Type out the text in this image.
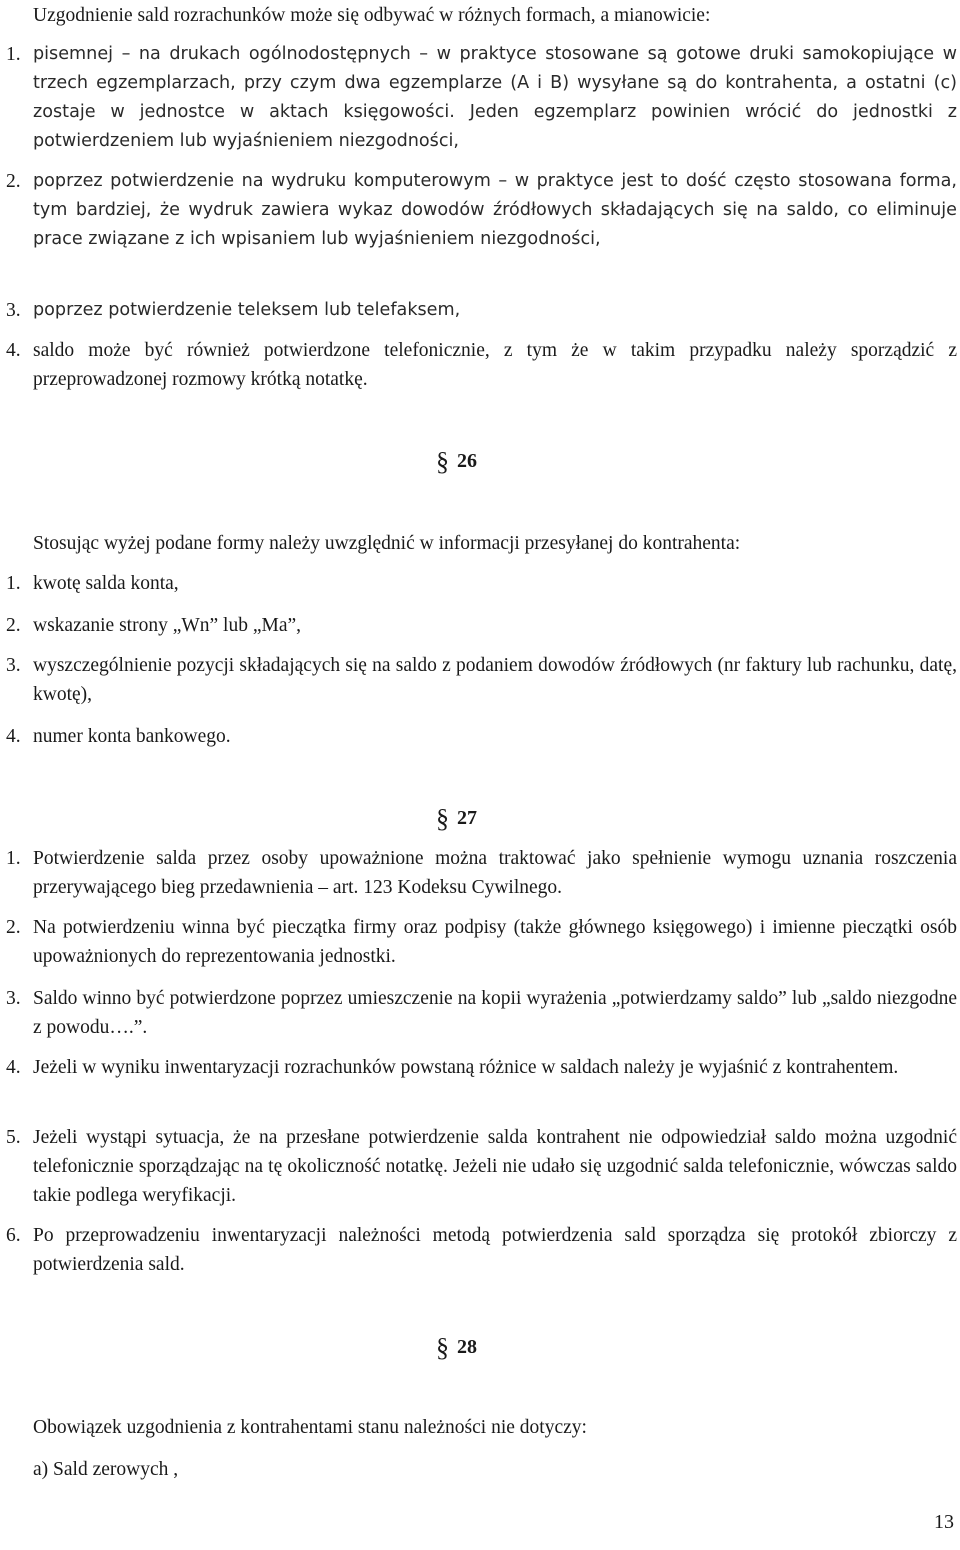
Uzgodnienie sald rozrachunków może się odbywać w różnych formach, a mianowicie:

1. pisemnej – na drukach ogólnodostępnych – w praktyce stosowane są gotowe druki samokopiujące w trzech egzemplarzach, przy czym dwa egzemplarze (A i B) wysyłane są do kontrahenta, a ostatni (c) zostaje w jednostce w aktach księgowości. Jeden egzemplarz powinien wrócić do jednostki z potwierdzeniem lub wyjaśnieniem niezgodności,
2. poprzez potwierdzenie na wydruku komputerowym – w praktyce jest to dość często stosowana forma, tym bardziej, że wydruk zawiera wykaz dowodów źródłowych składających się na saldo, co eliminuje prace związane z ich wpisaniem lub wyjaśnieniem niezgodności,
3. poprzez potwierdzenie teleksem lub telefaksem,
4. saldo może być również potwierdzone telefonicznie, z tym że w takim przypadku należy sporządzić z przeprowadzonej rozmowy krótką notatkę.
§ 26

Stosując wyżej podane formy należy uwzględnić w informacji przesyłanej do kontrahenta:

1. kwotę salda konta,
2. wskazanie strony „Wn” lub „Ma”,
3. wyszczególnienie pozycji składających się na saldo z podaniem dowodów źródłowych (nr faktury lub rachunku, datę, kwotę),
4. numer konta bankowego.
§ 27
1. Potwierdzenie salda przez osoby upoważnione można traktować jako spełnienie wymogu uznania roszczenia przerywającego bieg przedawnienia – art. 123 Kodeksu Cywilnego.
2. Na potwierdzeniu winna być pieczątka firmy oraz podpisy (także głównego księgowego) i imienne pieczątki osób upoważnionych do reprezentowania jednostki.
3. Saldo winno być potwierdzone poprzez umieszczenie na kopii wyrażenia „potwierdzamy saldo” lub „saldo niezgodne z powodu….”.
4. Jeżeli w wyniku inwentaryzacji rozrachunków powstaną różnice w saldach należy je wyjaśnić z kontrahentem.
5. Jeżeli wystąpi sytuacja, że na przesłane potwierdzenie salda kontrahent nie odpowiedział saldo można uzgodnić telefonicznie sporządzając na tę okoliczność notatkę. Jeżeli nie udało się uzgodnić salda telefonicznie, wówczas saldo takie podlega weryfikacji.
6. Po przeprowadzeniu inwentaryzacji należności metodą potwierdzenia sald sporządza się protokół zbiorczy z potwierdzenia sald.
§ 28

Obowiązek uzgodnienia z kontrahentami stanu należności nie dotyczy:

a) Sald zerowych ,

13
